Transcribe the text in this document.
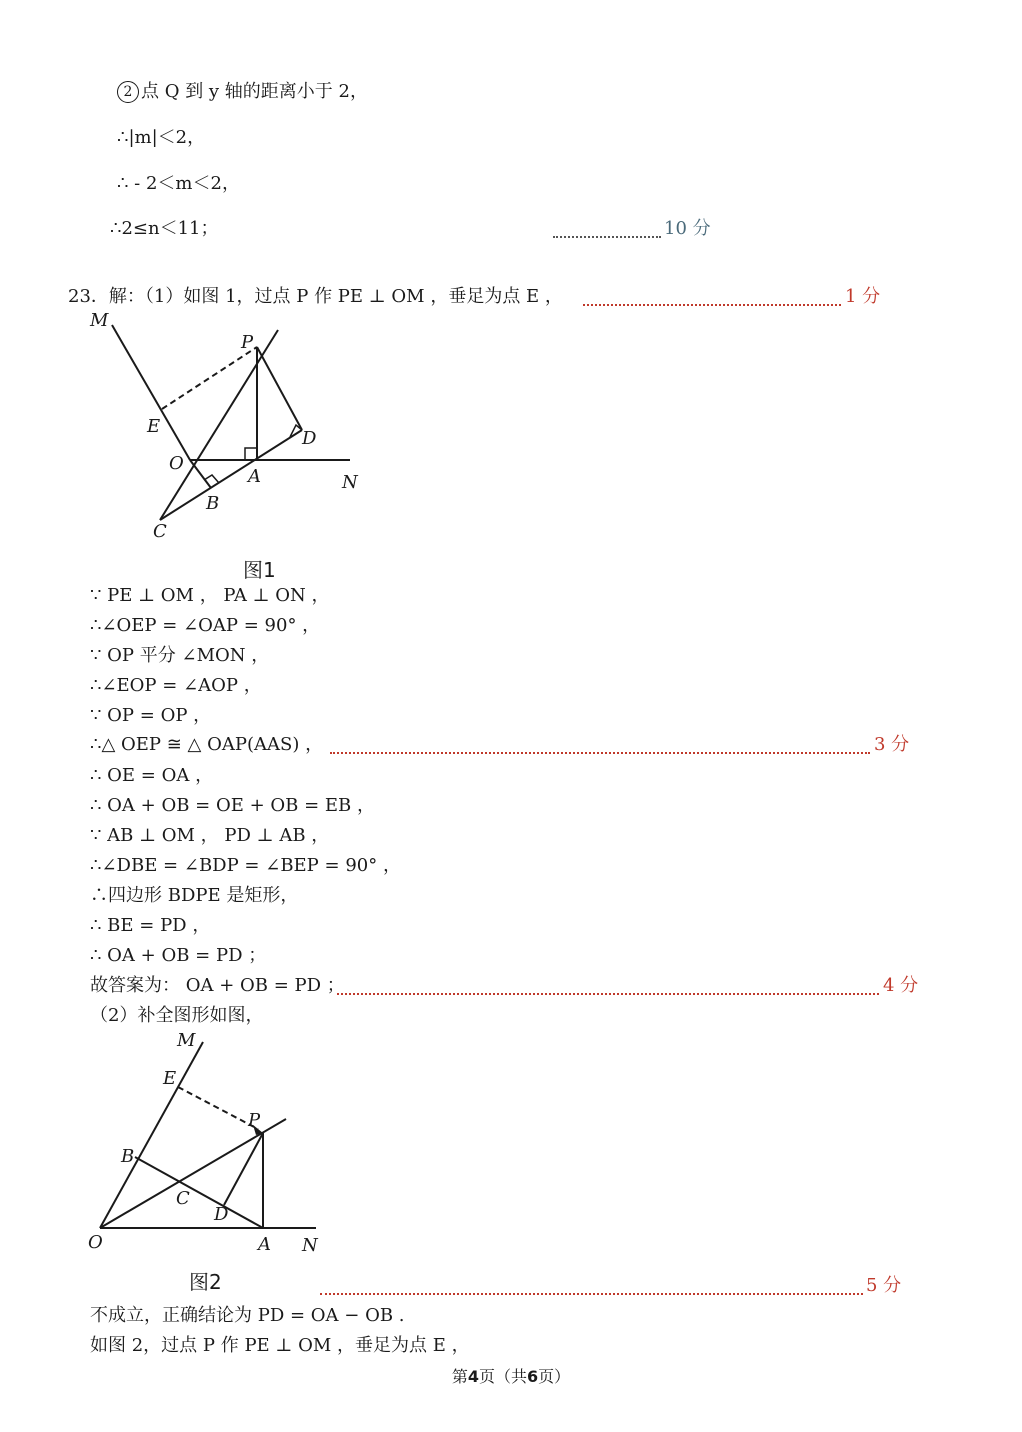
2 点 Q 到 y 轴的距离小于 2，
∴|m|＜2，
∴ - 2＜m＜2，
∴2≤n＜11；	10 分
23．解：（1）如图 1，过点 P 作 PE ⊥ OM ，垂足为点 E ，	1 分
M
P
E
D
O
A	N
B
C
图1
∵ PE ⊥ OM ， PA ⊥ ON ，
∴∠OEP = ∠OAP = 90° ，
∵ OP 平分 ∠MON ，
∴∠EOP = ∠AOP ，
∵ OP = OP ，
∴△ OEP ≅ △ OAP(AAS) ，	3 分
∴ OE = OA ，
∴ OA + OB = OE + OB = EB ，
∵ AB ⊥ OM ， PD ⊥ AB ，
∴∠DBE = ∠BDP = ∠BEP = 90° ，
∴四边形 BDPE 是矩形，
∴ BE = PD ，
∴ OA + OB = PD ；
故答案为： OA + OB = PD ；	4 分
（2）补全图形如图，
M
E
P
B
C
D
O	A N
图2	5 分
不成立，正确结论为 PD = OA − OB .
如图 2，过点 P 作 PE ⊥ OM ，垂足为点 E ，
第4页（共6页）
